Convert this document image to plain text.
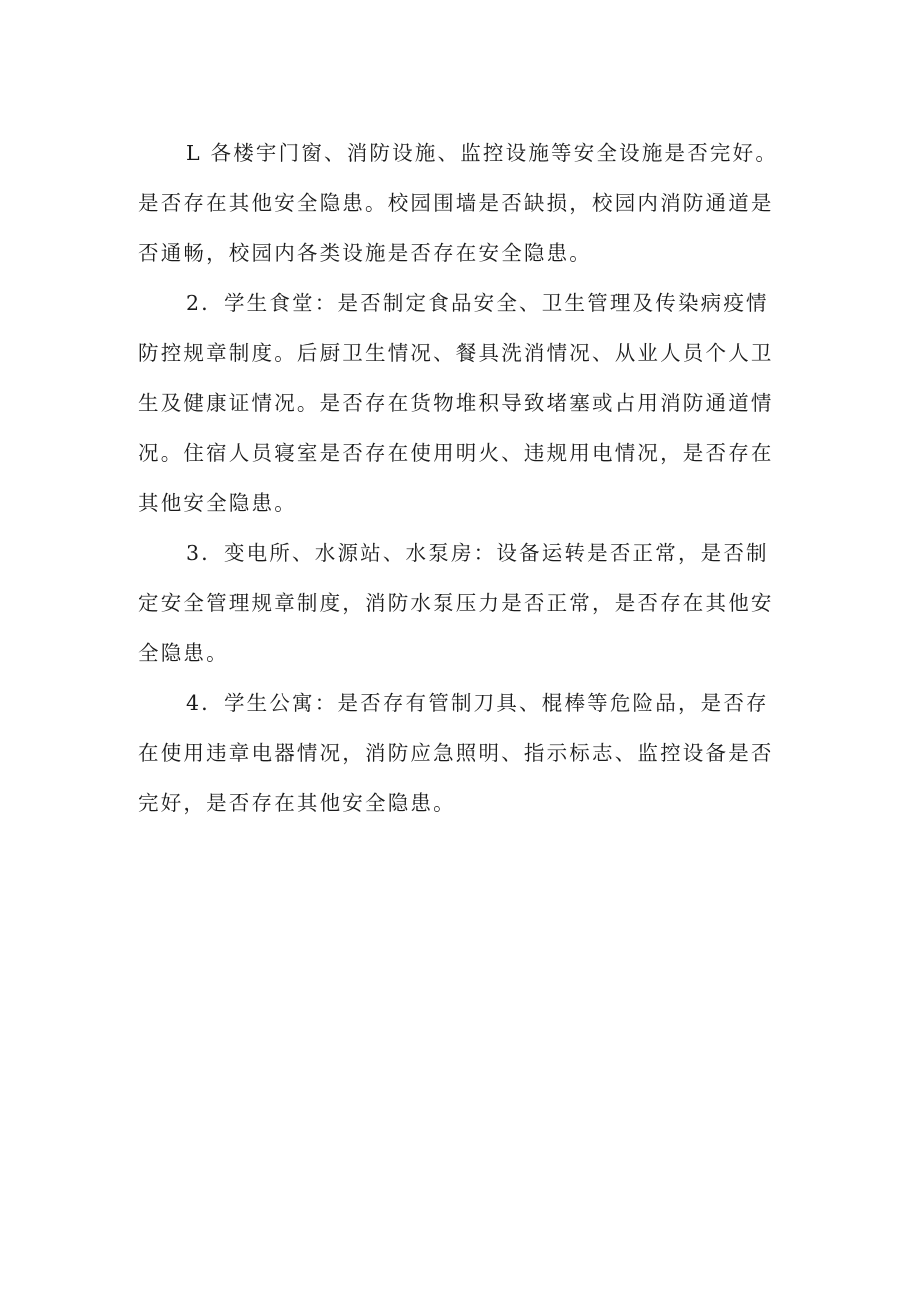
L 各楼宇门窗、消防设施、监控设施等安全设施是否完好。
是否存在其他安全隐患。校园围墙是否缺损，校园内消防通道是
否通畅，校园内各类设施是否存在安全隐患。
2．学生食堂：是否制定食品安全、卫生管理及传染病疫情
防控规章制度。后厨卫生情况、餐具洗消情况、从业人员个人卫
生及健康证情况。是否存在货物堆积导致堵塞或占用消防通道情
况。住宿人员寝室是否存在使用明火、违规用电情况，是否存在
其他安全隐患。
3．变电所、水源站、水泵房：设备运转是否正常，是否制
定安全管理规章制度，消防水泵压力是否正常，是否存在其他安
全隐患。
4．学生公寓：是否存有管制刀具、棍棒等危险品，是否存
在使用违章电器情况，消防应急照明、指示标志、监控设备是否
完好，是否存在其他安全隐患。
